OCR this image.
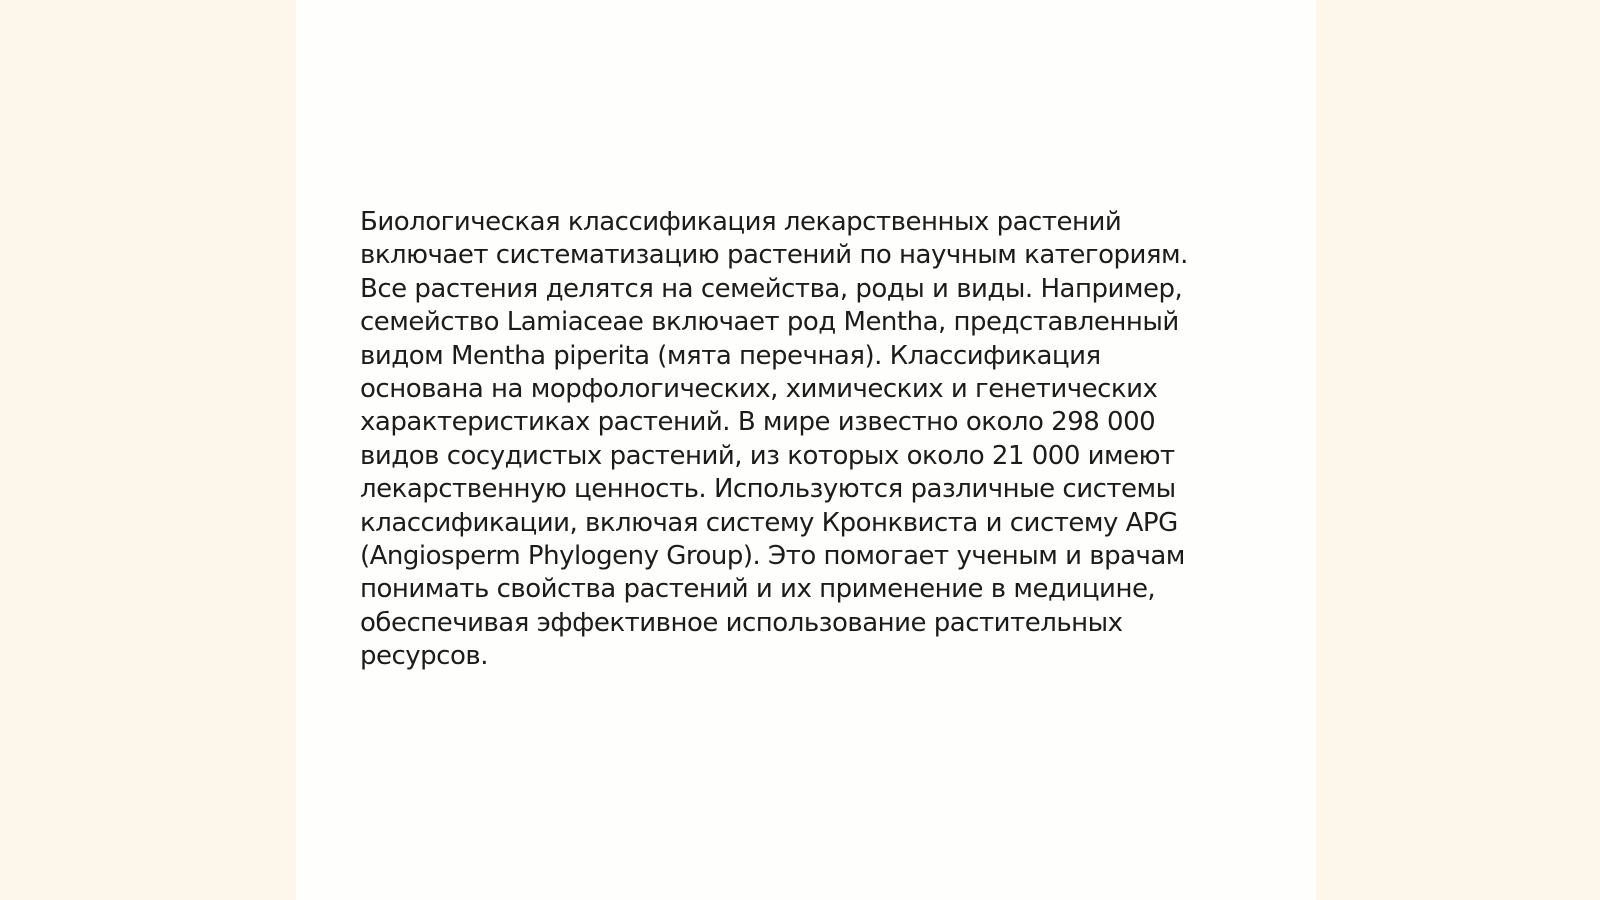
Биологическая классификация лекарственных растений
включает систематизацию растений по научным категориям.
Все растения делятся на семейства, роды и виды. Например,
семейство Lamiaceae включает род Mentha, представленный
видом Mentha piperita (мята перечная). Классификация
основана на морфологических, химических и генетических
характеристиках растений. В мире известно около 298 000
видов сосудистых растений, из которых около 21 000 имеют
лекарственную ценность. Используются различные системы
классификации, включая систему Кронквиста и систему APG
(Angiosperm Phylogeny Group). Это помогает ученым и врачам
понимать свойства растений и их применение в медицине,
обеспечивая эффективное использование растительных
ресурсов.
